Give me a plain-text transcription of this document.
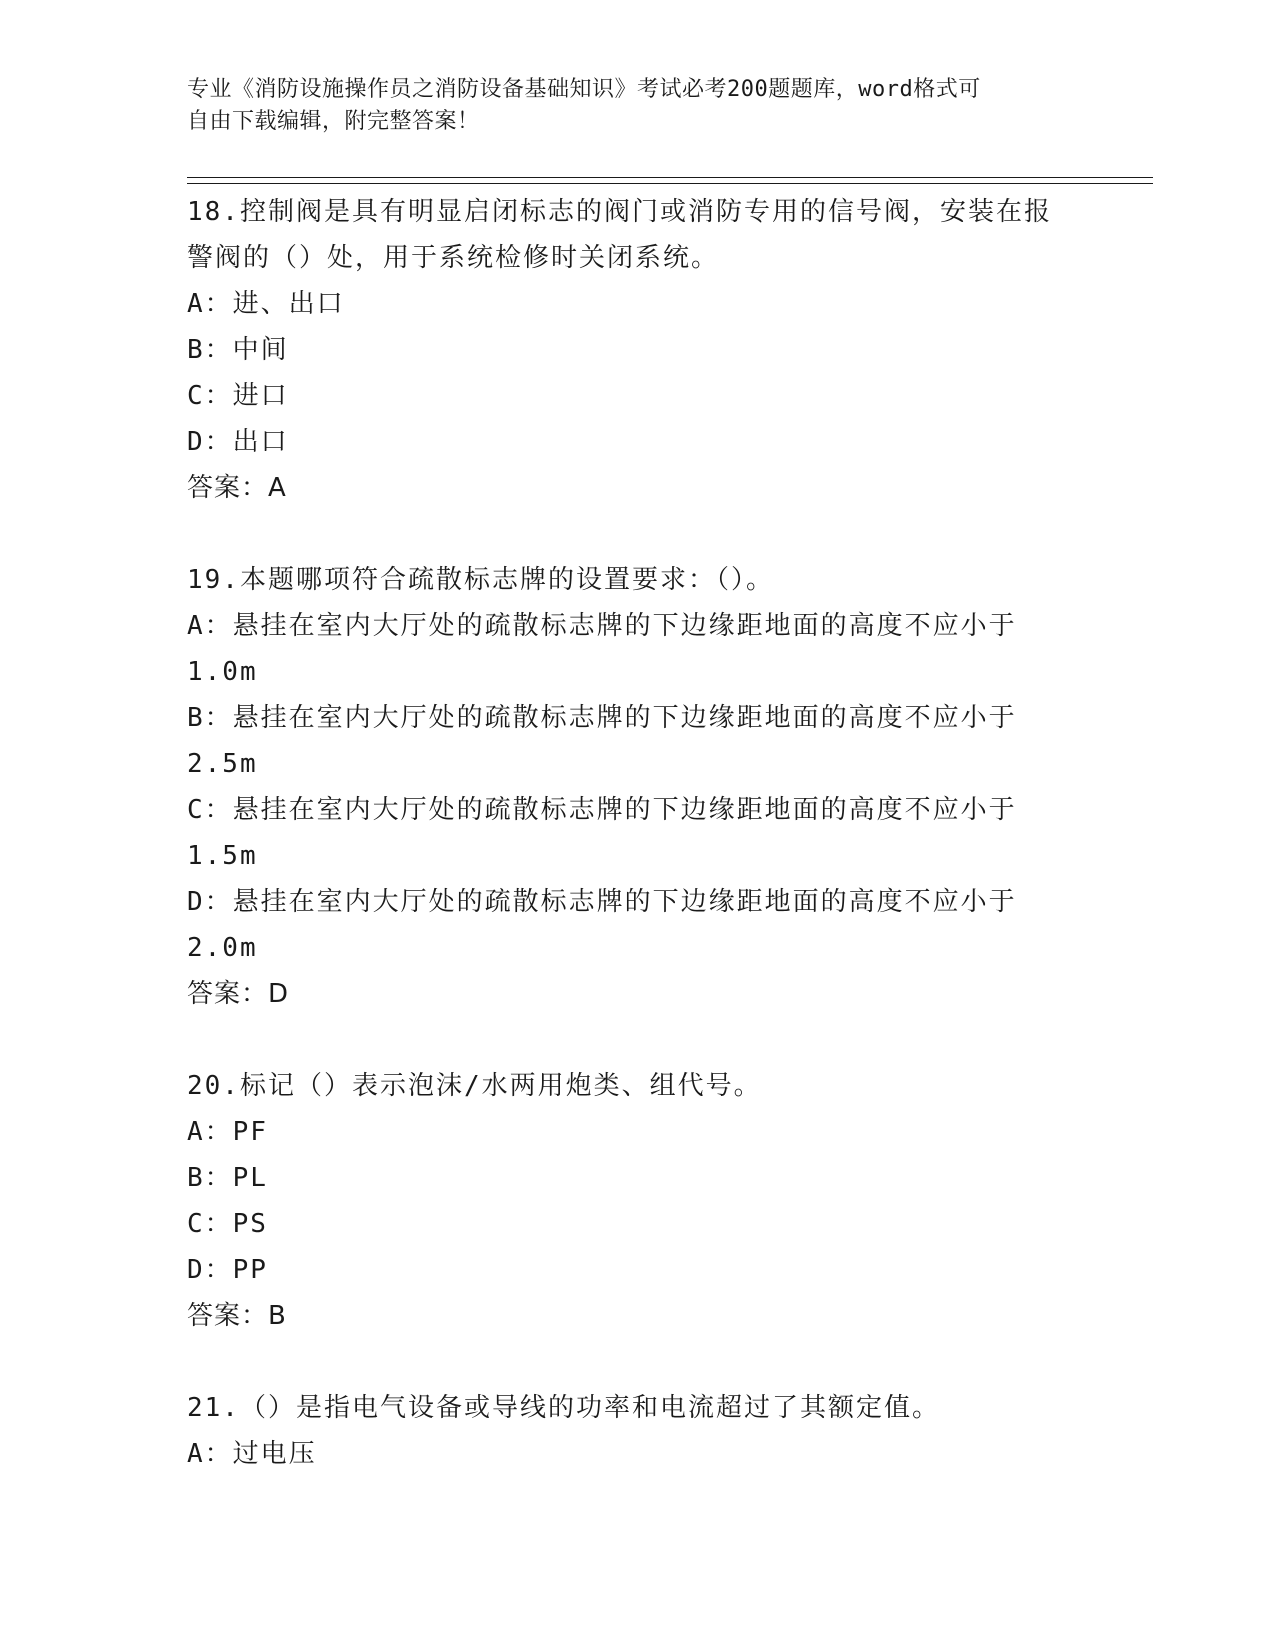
专业《消防设施操作员之消防设备基础知识》考试必考200题题库，word格式可
自由下载编辑，附完整答案！
18.控制阀是具有明显启闭标志的阀门或消防专用的信号阀，安装在报
警阀的（）处，用于系统检修时关闭系统。
A：进、出口
B：中间
C：进口
D：出口
答案：A
19.本题哪项符合疏散标志牌的设置要求：（）。
A：悬挂在室内大厅处的疏散标志牌的下边缘距地面的高度不应小于
1.0m
B：悬挂在室内大厅处的疏散标志牌的下边缘距地面的高度不应小于
2.5m
C：悬挂在室内大厅处的疏散标志牌的下边缘距地面的高度不应小于
1.5m
D：悬挂在室内大厅处的疏散标志牌的下边缘距地面的高度不应小于
2.0m
答案：D
20.标记（）表示泡沫/水两用炮类、组代号。
A：PF
B：PL
C：PS
D：PP
答案：B
21.（）是指电气设备或导线的功率和电流超过了其额定值。
A：过电压
